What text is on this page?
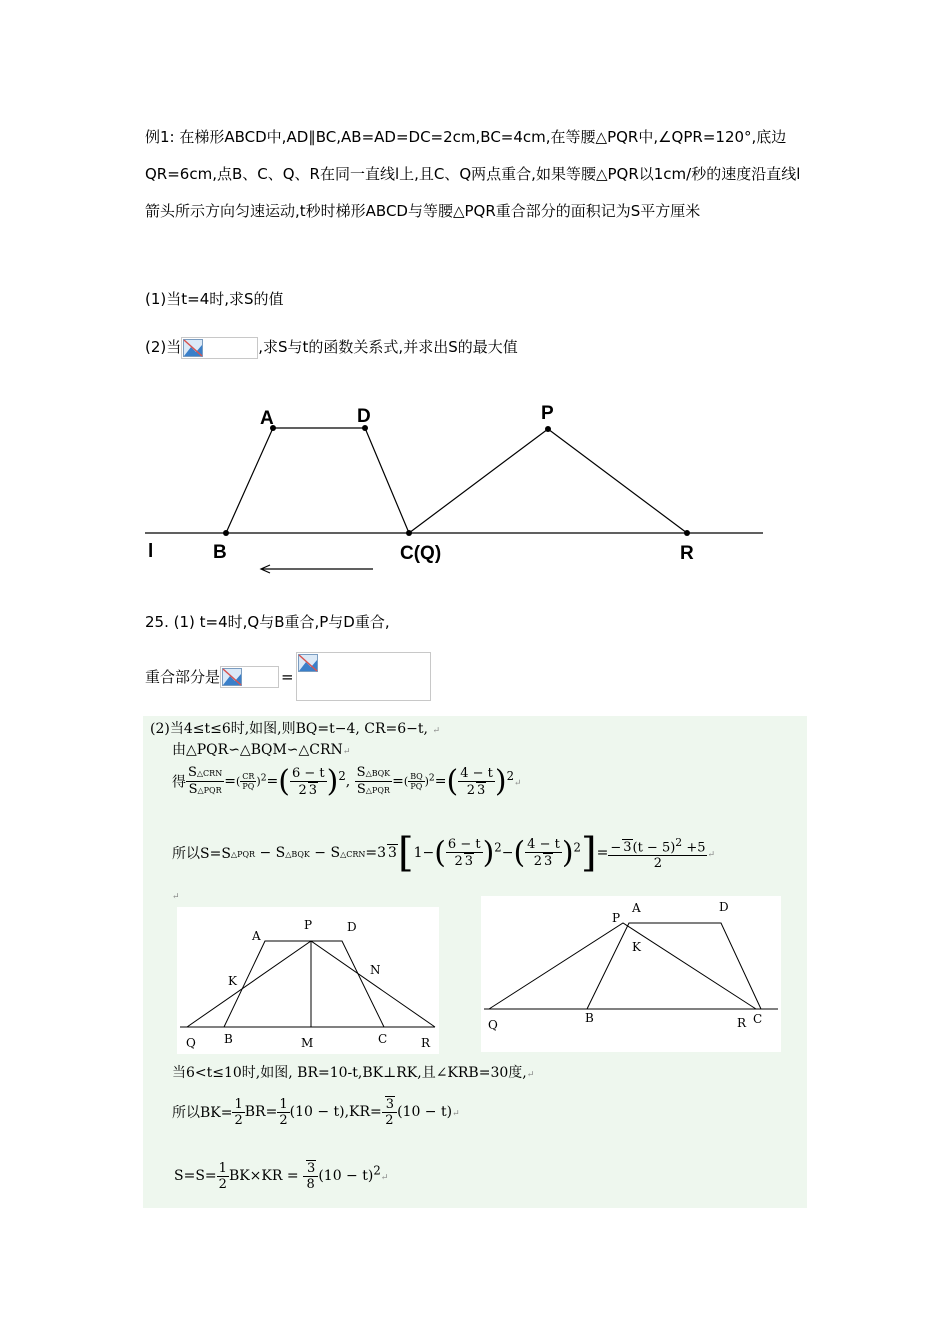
例1: 在梯形ABCD中,AD∥BC,AB=AD=DC=2cm,BC=4cm,在等腰△PQR中,∠QPR=120°,底边QR=6cm,点B、C、Q、R在同一直线l上,且C、Q两点重合,如果等腰△PQR以1cm/秒的速度沿直线l箭头所示方向匀速运动,t秒时梯形ABCD与等腰△PQR重合部分的面积记为S平方厘米
(1)当t=4时,求S的值
(2)当	,求S与t的函数关系式,并求出S的最大值
A	D	P
l	B	C(Q)	R
25. (1) t=4时,Q与B重合,P与D重合,
重合部分是	=
(2)当4≤t≤6时,如图,则BQ=t−4, CR=6−t, ↵
由△PQR∽△BQM∽△CRN↵
得 $\frac{\text{S△CRN}}{\text{S△PQR}}$ =( $\frac{CR}{PQ} )^2=( \frac{6 - t}{2 3} )^2$, $\frac{\text{S△BQK}}{\text{S△PQR}}$ =( $\frac{BQ}{PQ} )^2=( \frac{4 - t}{2 3}$ )$^2↵$
所以S=S△PQR − S△BQK − S△CRN=3 $3[1-( \frac{6 - t}{2 3} )^2-( \frac{4 - t}{2 3} )^2]= \frac{- 3(t - 5)^2 +5}{2}$ ↵
↵
A
P	D
K
N
Q B	M	C	R
P
A	D
K
Q	B	R C
当6<t≤10时,如图, BR=10-t,BK⊥RK,且∠KRB=30度,↵
所以$BK= \frac{1}{2} BR= \frac{1}{2} (10 - t),KR= \frac{3}{2} (10$ − t)↵
$S=S= \frac{1}{2} BK\times KR = \frac{3}{8} (10$ − $t)^2↵$
